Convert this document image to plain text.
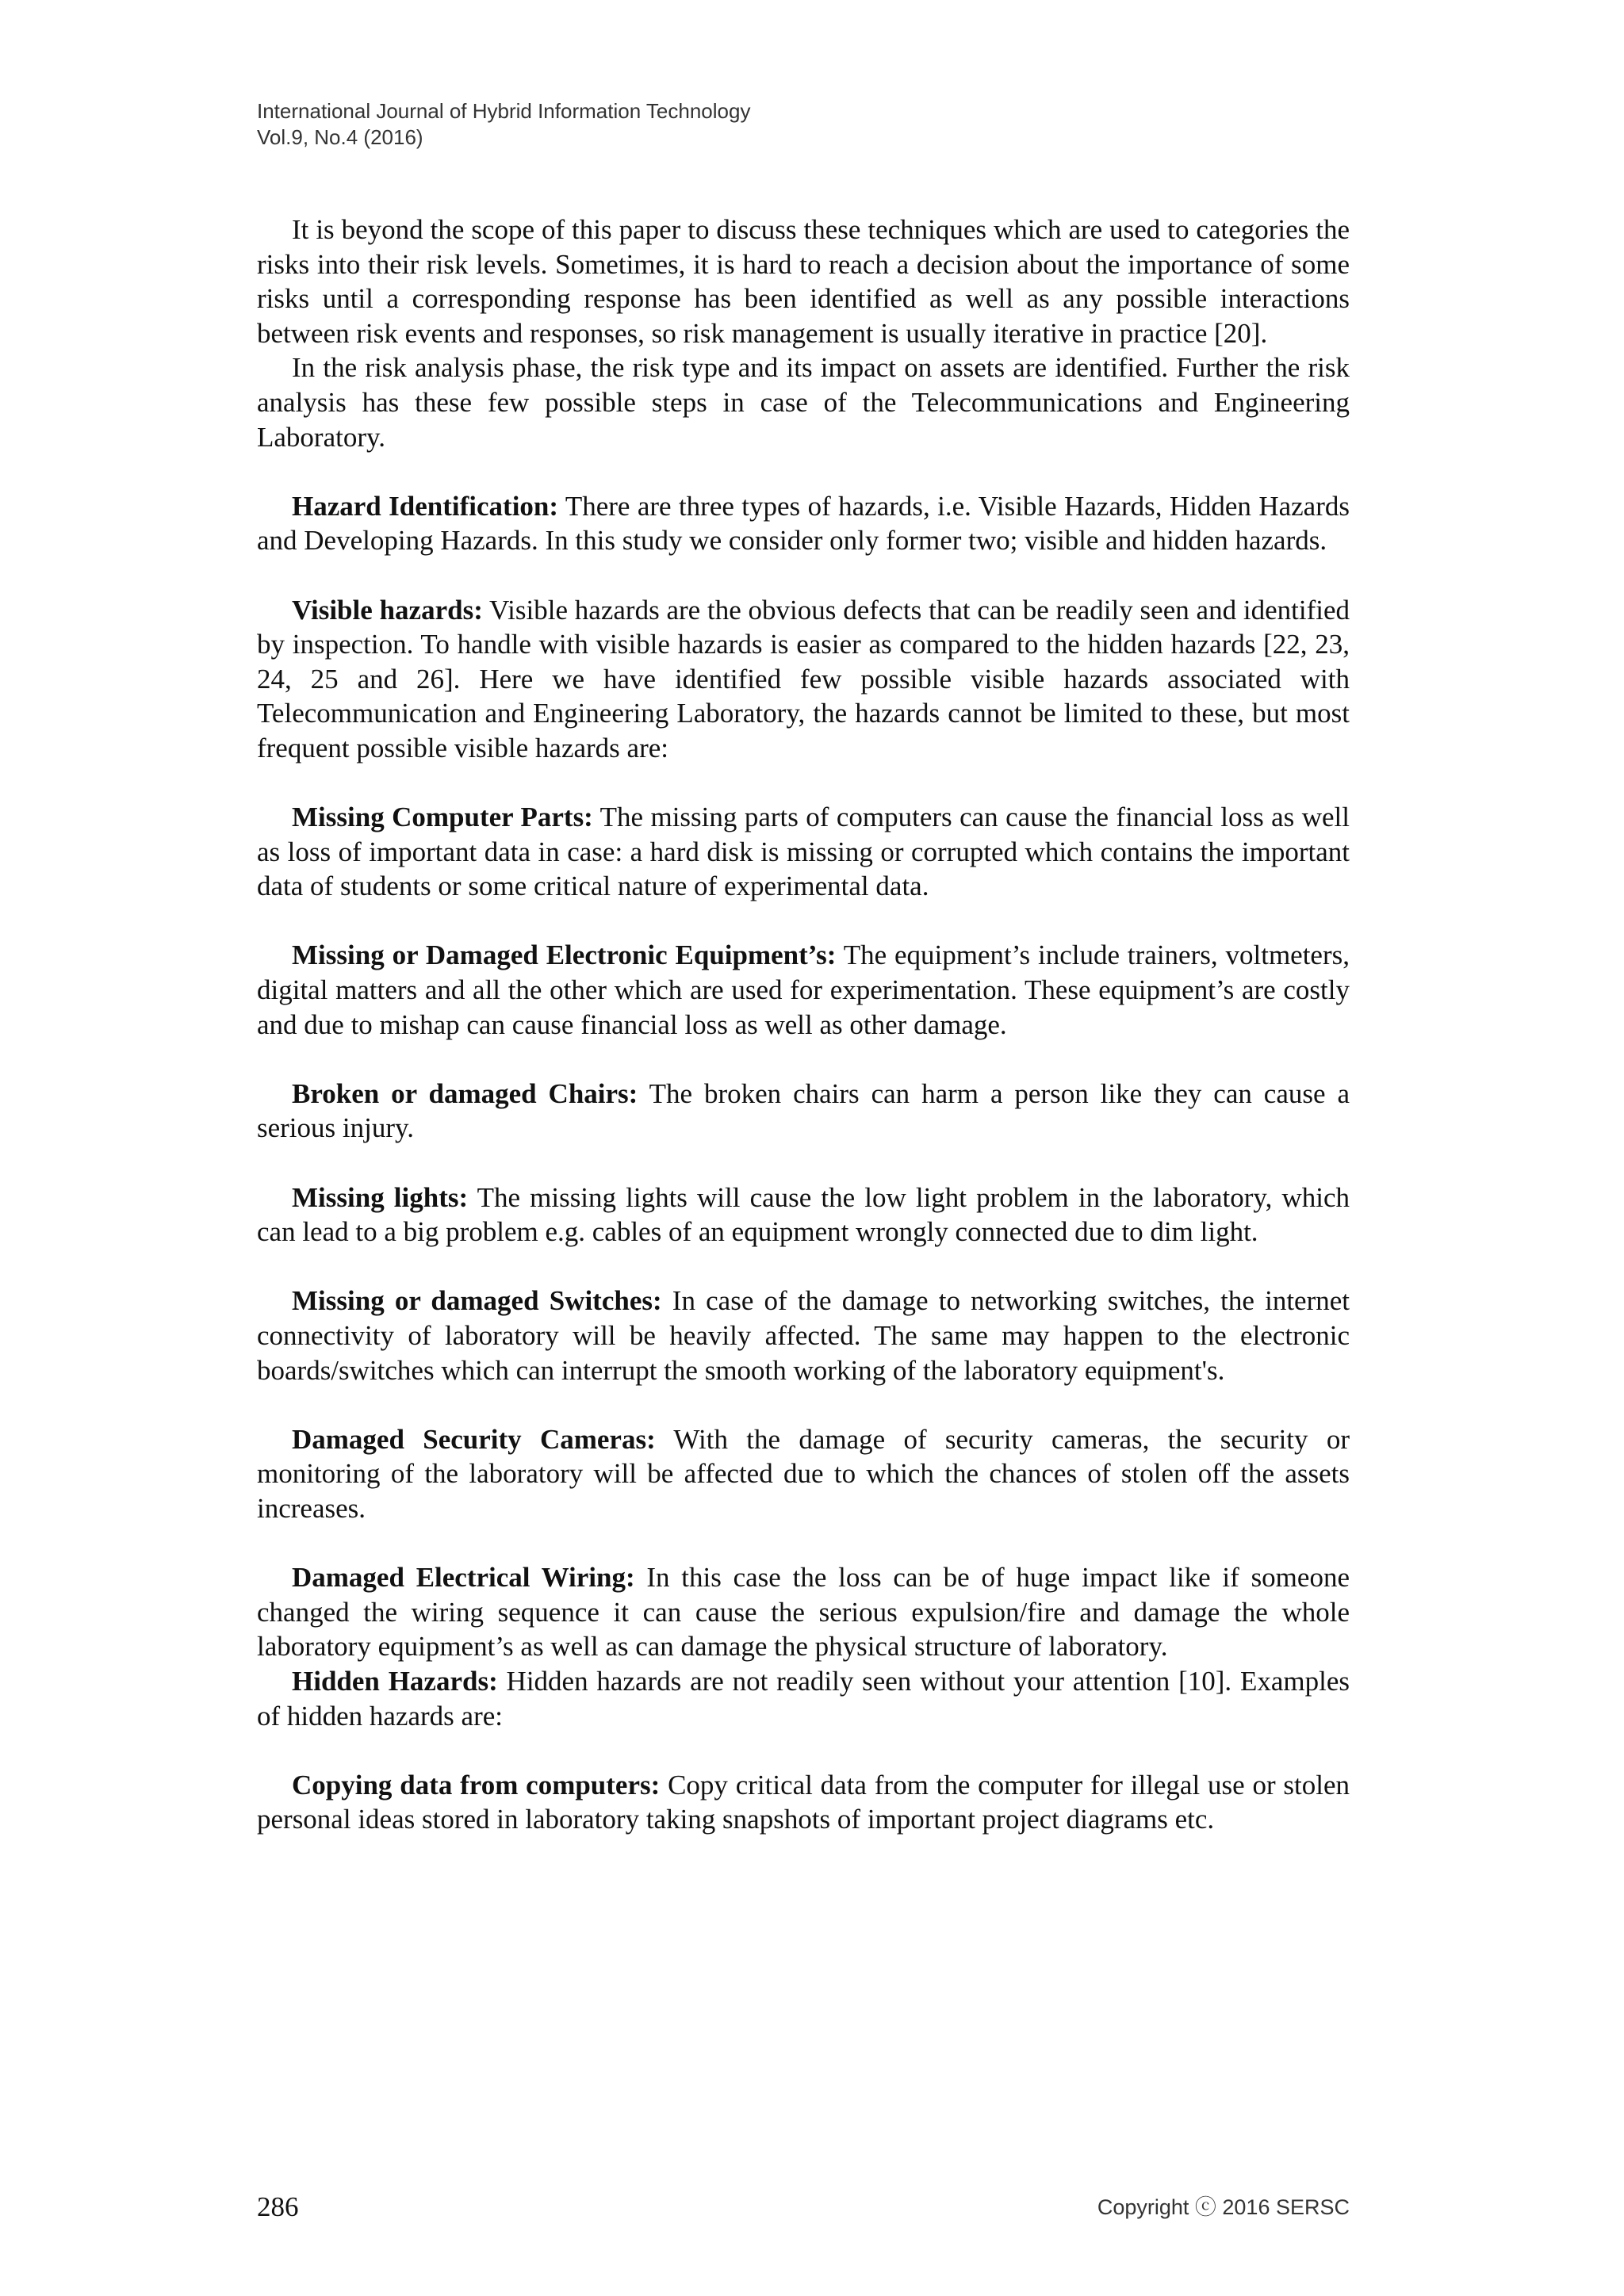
International Journal of Hybrid Information Technology
Vol.9, No.4 (2016)

It is beyond the scope of this paper to discuss these techniques which are used to categories the risks into their risk levels. Sometimes, it is hard to reach a decision about the importance of some risks until a corresponding response has been identified as well as any possible interactions between risk events and responses, so risk management is usually iterative in practice [20].

In the risk analysis phase, the risk type and its impact on assets are identified. Further the risk analysis has these few possible steps in case of the Telecommunications and Engineering Laboratory.

Hazard Identification: There are three types of hazards, i.e. Visible Hazards, Hidden Hazards and Developing Hazards. In this study we consider only former two; visible and hidden hazards.

Visible hazards: Visible hazards are the obvious defects that can be readily seen and identified by inspection. To handle with visible hazards is easier as compared to the hidden hazards [22, 23, 24, 25 and 26]. Here we have identified few possible visible hazards associated with Telecommunication and Engineering Laboratory, the hazards cannot be limited to these, but most frequent possible visible hazards are:

Missing Computer Parts: The missing parts of computers can cause the financial loss as well as loss of important data in case: a hard disk is missing or corrupted which contains the important data of students or some critical nature of experimental data.

Missing or Damaged Electronic Equipment’s: The equipment’s include trainers, voltmeters, digital matters and all the other which are used for experimentation. These equipment’s are costly and due to mishap can cause financial loss as well as other damage.

Broken or damaged Chairs: The broken chairs can harm a person like they can cause a serious injury.

Missing lights: The missing lights will cause the low light problem in the laboratory, which can lead to a big problem e.g. cables of an equipment wrongly connected due to dim light.

Missing or damaged Switches: In case of the damage to networking switches, the internet connectivity of laboratory will be heavily affected. The same may happen to the electronic boards/switches which can interrupt the smooth working of the laboratory equipment's.

Damaged Security Cameras: With the damage of security cameras, the security or monitoring of the laboratory will be affected due to which the chances of stolen off the assets increases.

Damaged Electrical Wiring: In this case the loss can be of huge impact like if someone changed the wiring sequence it can cause the serious expulsion/fire and damage the whole laboratory equipment’s as well as can damage the physical structure of laboratory.

Hidden Hazards: Hidden hazards are not readily seen without your attention [10]. Examples of hidden hazards are:

Copying data from computers: Copy critical data from the computer for illegal use or stolen personal ideas stored in laboratory taking snapshots of important project diagrams etc.

286	Copyright ⓒ 2016 SERSC
